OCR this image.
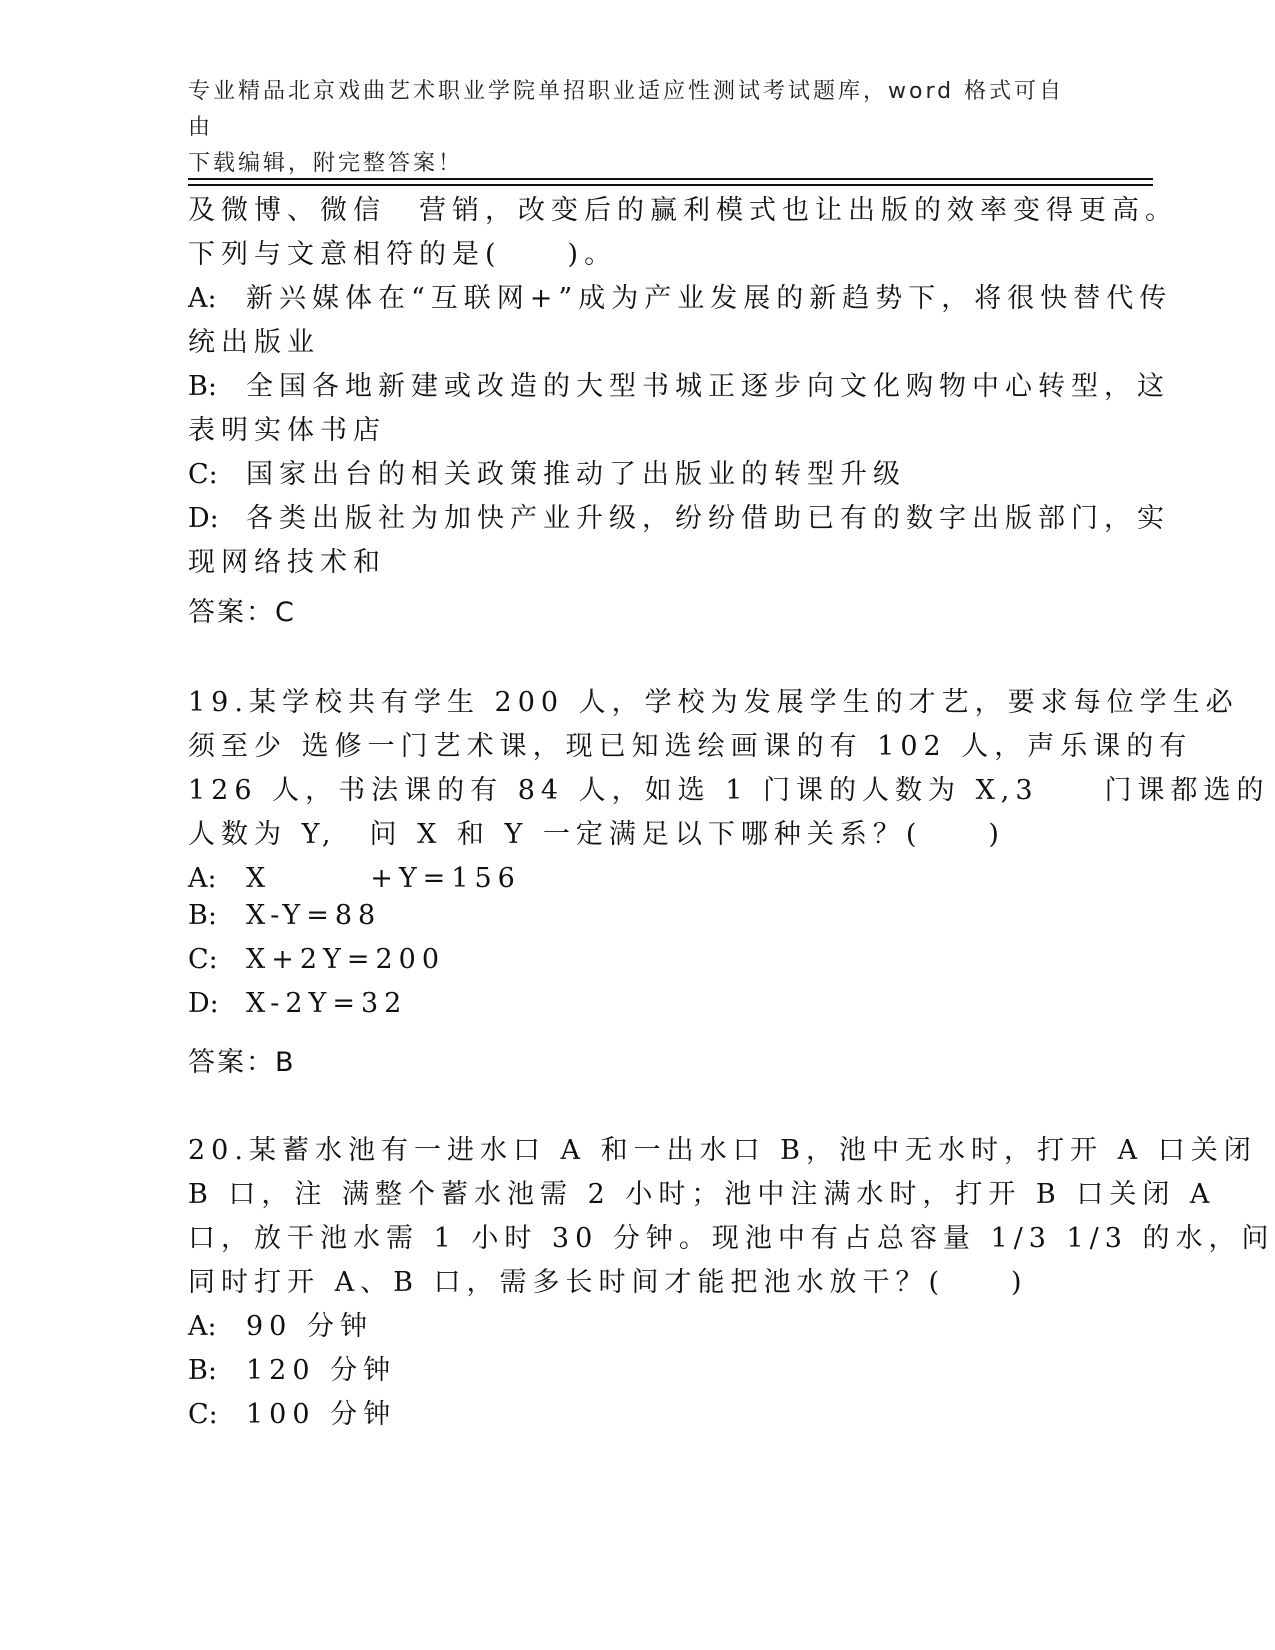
专业精品北京戏曲艺术职业学院单招职业适应性测试考试题库，word 格式可自由
下载编辑，附完整答案！
及微博、微信　营销，改变后的赢利模式也让出版的效率变得更高。
下列与文意相符的是(　　)。
A: 新兴媒体在“互联网+”成为产业发展的新趋势下，将很快替代传
统出版业
B: 全国各地新建或改造的大型书城正逐步向文化购物中心转型，这
表明实体书店
C: 国家出台的相关政策推动了出版业的转型升级
D: 各类出版社为加快产业升级，纷纷借助已有的数字出版部门，实
现网络技术和
答案：C
19.某学校共有学生 200 人，学校为发展学生的才艺，要求每位学生必
须至少 选修一门艺术课，现已知选绘画课的有 102 人，声乐课的有
126 人，书法课的有 84 人，如选 1 门课的人数为 X,3　　门课都选的
人数为 Y,　问 X 和 Y 一定满足以下哪种关系？(　　)
A: X　　　+Y=156
B: X-Y=88
C: X+2Y=200
D: X-2Y=32
答案：B
20.某蓄水池有一进水口 A 和一出水口 B，池中无水时，打开 A 口关闭
B 口，注 满整个蓄水池需 2 小时；池中注满水时，打开 B 口关闭 A
口，放干池水需 1 小时 30 分钟。现池中有占总容量 1/3 1/3 的水，问
同时打开 A、B 口，需多长时间才能把池水放干？(　　)
A: 90 分钟
B: 120 分钟
C: 100 分钟
